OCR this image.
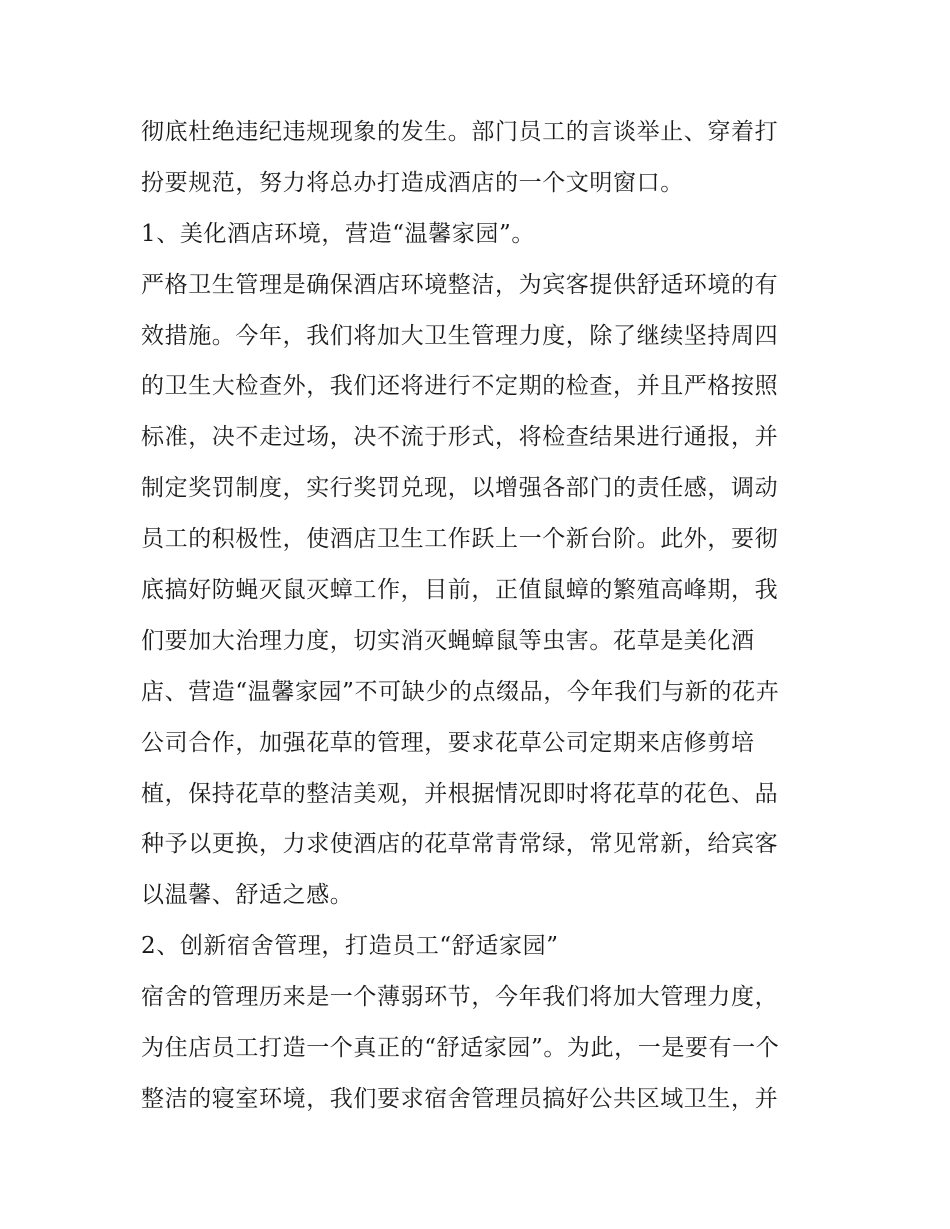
彻底杜绝违纪违规现象的发生。部门员工的言谈举止、穿着打
扮要规范，努力将总办打造成酒店的一个文明窗口。
1、美化酒店环境，营造“温馨家园”。
严格卫生管理是确保酒店环境整洁，为宾客提供舒适环境的有
效措施。今年，我们将加大卫生管理力度，除了继续坚持周四
的卫生大检查外，我们还将进行不定期的检查，并且严格按照
标准，决不走过场，决不流于形式，将检查结果进行通报，并
制定奖罚制度，实行奖罚兑现，以增强各部门的责任感，调动
员工的积极性，使酒店卫生工作跃上一个新台阶。此外，要彻
底搞好防蝇灭鼠灭蟑工作，目前，正值鼠蟑的繁殖高峰期，我
们要加大治理力度，切实消灭蝇蟑鼠等虫害。花草是美化酒
店、营造“温馨家园”不可缺少的点缀品，今年我们与新的花卉
公司合作，加强花草的管理，要求花草公司定期来店修剪培
植，保持花草的整洁美观，并根据情况即时将花草的花色、品
种予以更换，力求使酒店的花草常青常绿，常见常新，给宾客
以温馨、舒适之感。
2、创新宿舍管理，打造员工“舒适家园”
宿舍的管理历来是一个薄弱环节，今年我们将加大管理力度，
为住店员工打造一个真正的“舒适家园”。为此，一是要有一个
整洁的寝室环境，我们要求宿舍管理员搞好公共区域卫生，并
